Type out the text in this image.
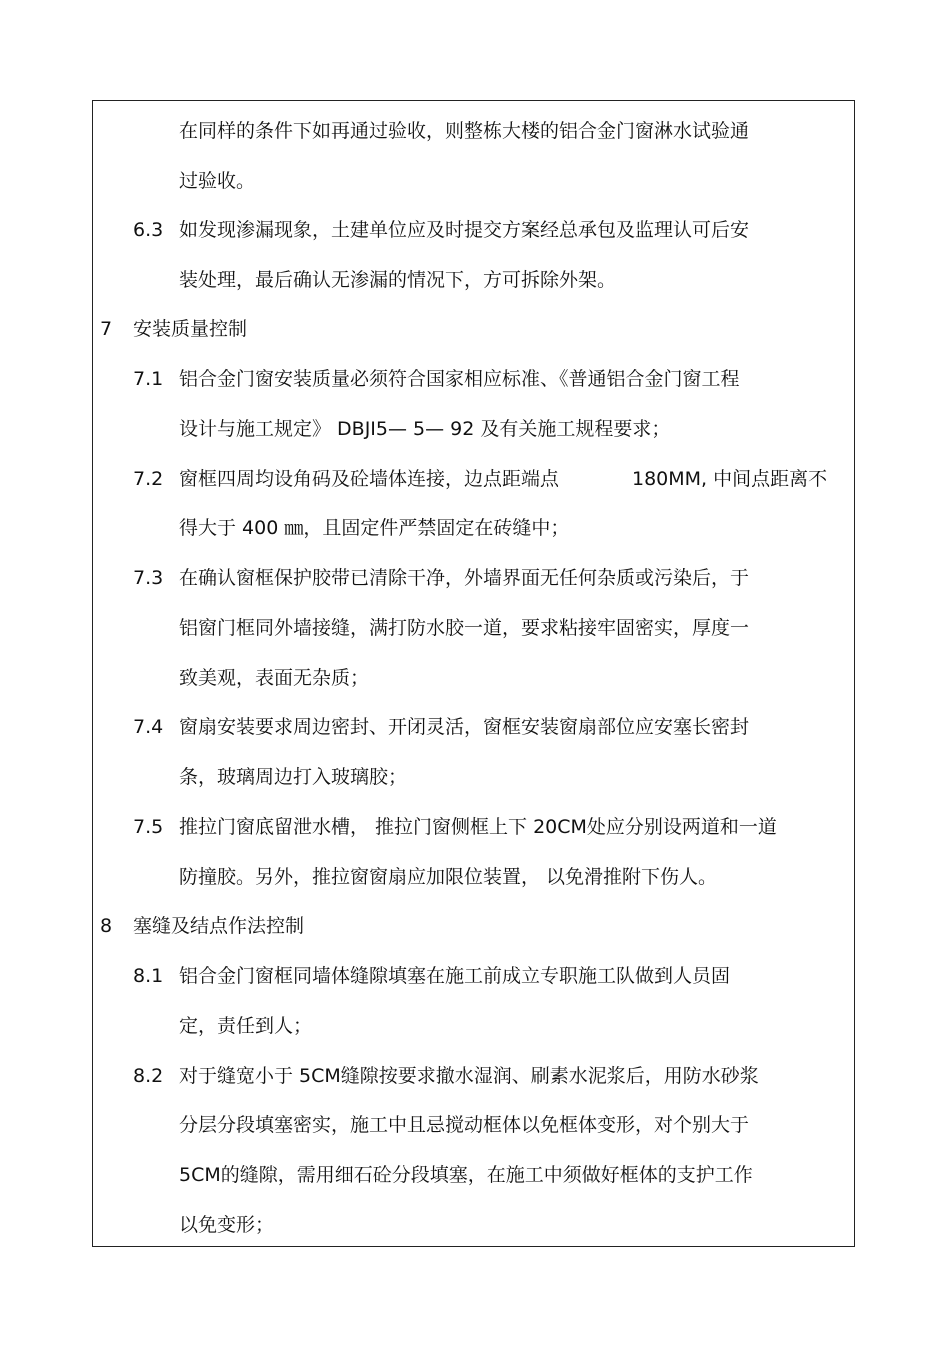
在同样的条件下如再通过验收，则整栋大楼的铝合金门窗淋水试验通
过验收。
6.3 如发现渗漏现象，土建单位应及时提交方案经总承包及监理认可后安
装处理，最后确认无渗漏的情况下，方可拆除外架。
7 安装质量控制
7.1 铝合金门窗安装质量必须符合国家相应标准、《普通铝合金门窗工程
设计与施工规定》 DBJI5— 5— 92 及有关施工规程要求；
7.2 窗框四周均设角码及砼墙体连接，边点距端点	180MM, 中间点距离不
得大于 400 ㎜，且固定件严禁固定在砖缝中；
7.3 在确认窗框保护胶带已清除干净，外墙界面无任何杂质或污染后，于
铝窗门框同外墙接缝，满打防水胶一道，要求粘接牢固密实，厚度一
致美观，表面无杂质；
7.4 窗扇安装要求周边密封、开闭灵活，窗框安装窗扇部位应安塞长密封
条，玻璃周边打入玻璃胶；
7.5 推拉门窗底留泄水槽， 推拉门窗侧框上下 20CM处应分别设两道和一道
防撞胶。另外，推拉窗窗扇应加限位装置， 以免滑推附下伤人。
8 塞缝及结点作法控制
8.1 铝合金门窗框同墙体缝隙填塞在施工前成立专职施工队做到人员固
定，责任到人；
8.2 对于缝宽小于 5CM缝隙按要求撤水湿润、刷素水泥浆后，用防水砂浆
分层分段填塞密实，施工中且忌搅动框体以免框体变形，对个别大于
5CM的缝隙，需用细石砼分段填塞，在施工中须做好框体的支护工作
以免变形；
